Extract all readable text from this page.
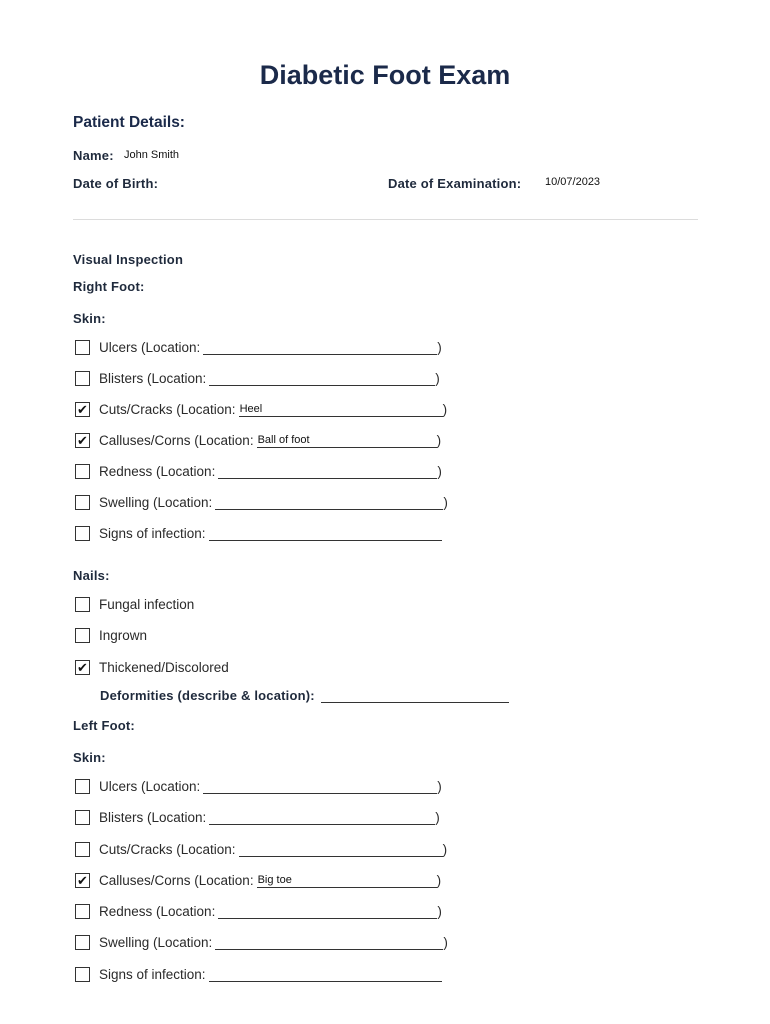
Diabetic Foot Exam
Patient Details:
Name: John Smith
Date of Birth:	Date of Examination: 10/07/2023
Visual Inspection
Right Foot:
Skin:
Ulcers (Location:	)
Blisters (Location:	)
✔ Cuts/Cracks (Location: Heel	)
✔ Calluses/Corns (Location: Ball of foot	)
Redness (Location:	)
Swelling (Location:	)
Signs of infection:
Nails:
Fungal infection
Ingrown
✔ Thickened/Discolored
Deformities (describe & location):
Left Foot:
Skin:
Ulcers (Location:	)
Blisters (Location:	)
Cuts/Cracks (Location:	)
✔ Calluses/Corns (Location: Big toe	)
Redness (Location:	)
Swelling (Location:	)
Signs of infection:
